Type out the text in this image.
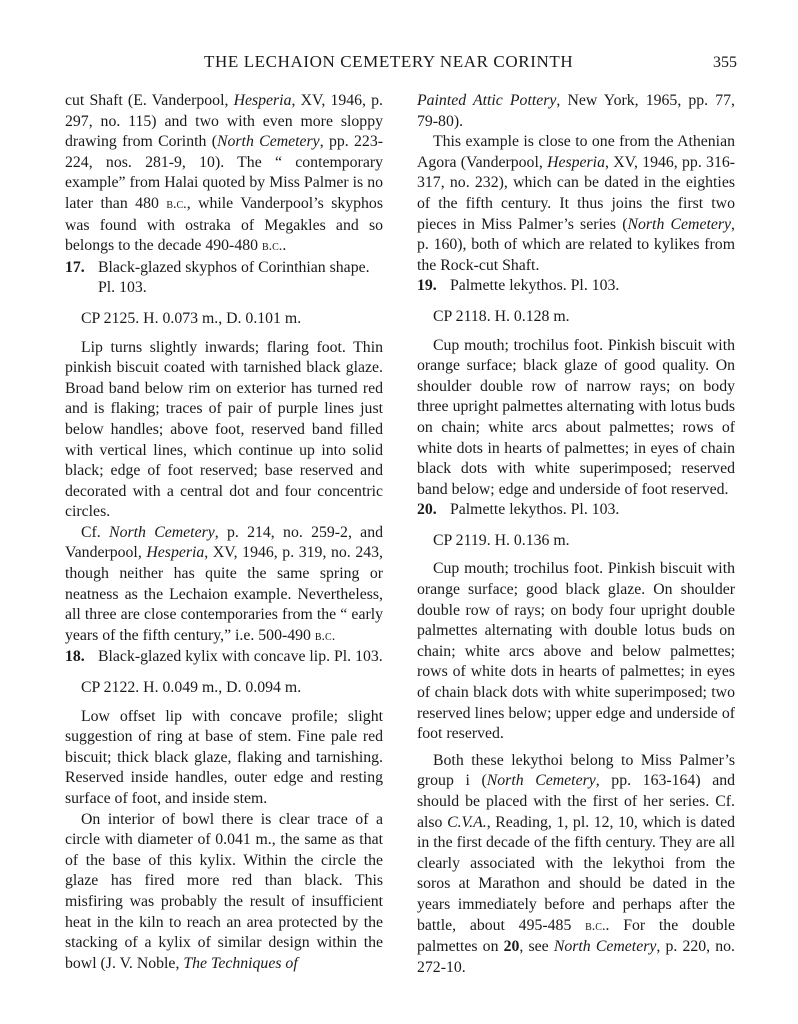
THE LECHAION CEMETERY NEAR CORINTH	355

cut Shaft (E. Vanderpool, Hesperia, XV, 1946, p. 297, no. 115) and two with even more sloppy drawing from Corinth (North Cemetery, pp. 223-224, nos. 281-9, 10). The “ contemporary example” from Halai quoted by Miss Palmer is no later than 480 b.c., while Vanderpool’s skyphos was found with ostraka of Megakles and so belongs to the decade 490-480 b.c..

17. Black-glazed skyphos of Corinthian shape. Pl. 103.

CP 2125. H. 0.073 m., D. 0.101 m.

Lip turns slightly inwards; flaring foot. Thin pinkish biscuit coated with tarnished black glaze. Broad band below rim on exterior has turned red and is flaking; traces of pair of purple lines just below handles; above foot, reserved band filled with vertical lines, which continue up into solid black; edge of foot reserved; base reserved and decorated with a central dot and four concentric circles.

Cf. North Cemetery, p. 214, no. 259-2, and Vanderpool, Hesperia, XV, 1946, p. 319, no. 243, though neither has quite the same spring or neatness as the Lechaion example. Nevertheless, all three are close contemporaries from the “ early years of the fifth century,” i.e. 500-490 b.c.

18. Black-glazed kylix with concave lip. Pl. 103.

CP 2122. H. 0.049 m., D. 0.094 m.

Low offset lip with concave profile; slight suggestion of ring at base of stem. Fine pale red biscuit; thick black glaze, flaking and tarnishing. Reserved inside handles, outer edge and resting surface of foot, and inside stem.

On interior of bowl there is clear trace of a circle with diameter of 0.041 m., the same as that of the base of this kylix. Within the circle the glaze has fired more red than black. This misfiring was probably the result of insufficient heat in the kiln to reach an area protected by the stacking of a kylix of similar design within the bowl (J. V. Noble, The Techniques of

Painted Attic Pottery, New York, 1965, pp. 77, 79-80).

This example is close to one from the Athenian Agora (Vanderpool, Hesperia, XV, 1946, pp. 316-317, no. 232), which can be dated in the eighties of the fifth century. It thus joins the first two pieces in Miss Palmer’s series (North Cemetery, p. 160), both of which are related to kylikes from the Rock-cut Shaft.

19. Palmette lekythos. Pl. 103.

CP 2118. H. 0.128 m.

Cup mouth; trochilus foot. Pinkish biscuit with orange surface; black glaze of good quality. On shoulder double row of narrow rays; on body three upright palmettes alternating with lotus buds on chain; white arcs about palmettes; rows of white dots in hearts of palmettes; in eyes of chain black dots with white superimposed; reserved band below; edge and underside of foot reserved.

20. Palmette lekythos. Pl. 103.

CP 2119. H. 0.136 m.

Cup mouth; trochilus foot. Pinkish biscuit with orange surface; good black glaze. On shoulder double row of rays; on body four upright double palmettes alternating with double lotus buds on chain; white arcs above and below palmettes; rows of white dots in hearts of palmettes; in eyes of chain black dots with white superimposed; two reserved lines below; upper edge and underside of foot reserved.

Both these lekythoi belong to Miss Palmer’s group i (North Cemetery, pp. 163-164) and should be placed with the first of her series. Cf. also C.V.A., Reading, 1, pl. 12, 10, which is dated in the first decade of the fifth century. They are all clearly associated with the lekythoi from the soros at Marathon and should be dated in the years immediately before and perhaps after the battle, about 495-485 b.c.. For the double palmettes on 20, see North Cemetery, p. 220, no. 272-10.
